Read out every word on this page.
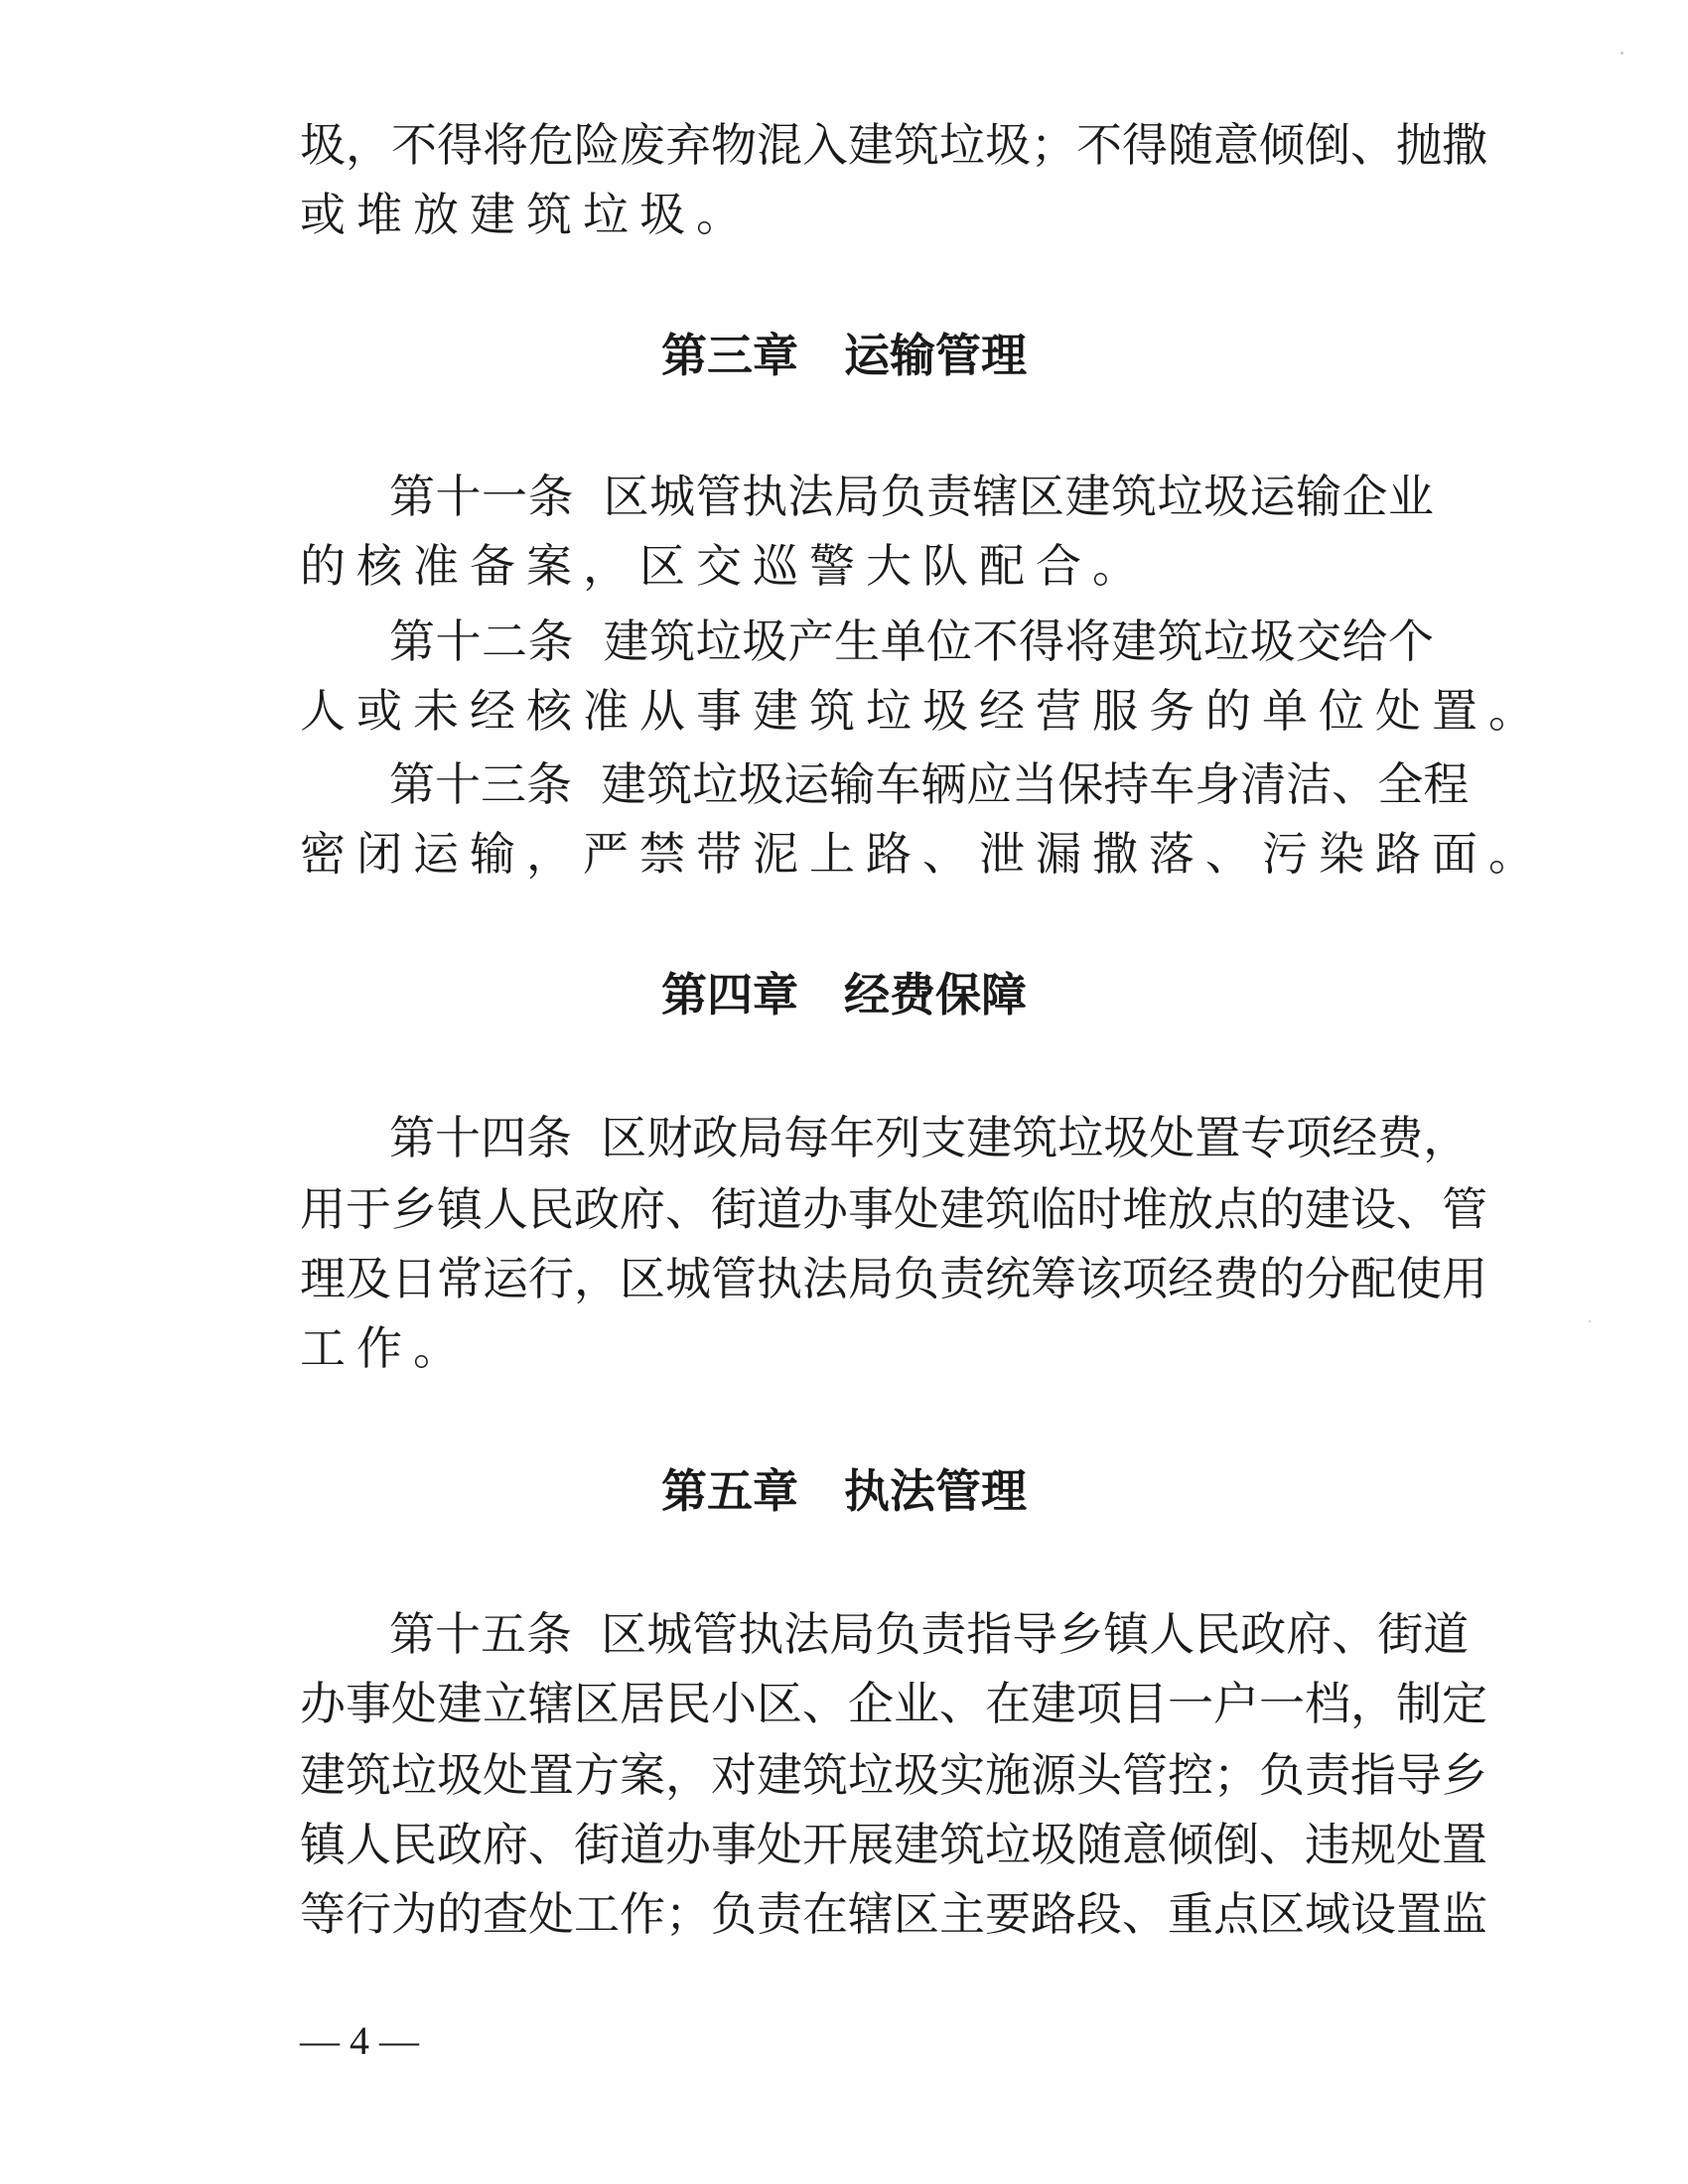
圾 ， 不 得 将 危 险 废 弃 物 混 入 建 筑 垃 圾 ； 不 得 随 意 倾 倒 、 抛 撒
或 堆 放 建 筑 垃 圾 。
第 十 一 条
区 城 管 执 法 局 负 责 辖 区 建 筑 垃 圾 运 输 企 业
的 核 准 备 案 ， 区 交 巡 警 大 队 配 合 。
第 十 二 条
建 筑 垃 圾 产 生 单 位 不 得 将 建 筑 垃 圾 交 给 个
人 或 未 经 核 准 从 事 建 筑 垃 圾 经 营 服 务 的 单 位 处 置 。
第 十 三 条
建 筑 垃 圾 运 输 车 辆 应 当 保 持 车 身 清 洁 、 全 程
密 闭 运 输 ， 严 禁 带 泥 上 路 、 泄 漏 撒 落 、 污 染 路 面 。
第 十 四 条
区 财 政 局 每 年 列 支 建 筑 垃 圾 处 置 专 项 经 费 ，
用 于 乡 镇 人 民 政 府 、 街 道 办 事 处 建 筑 临 时 堆 放 点 的 建 设 、 管
理 及 日 常 运 行 ， 区 城 管 执 法 局 负 责 统 筹 该 项 经 费 的 分 配 使 用
工 作 。
第 十 五 条
区 城 管 执 法 局 负 责 指 导 乡 镇 人 民 政 府 、 街 道
办 事 处 建 立 辖 区 居 民 小 区 、 企 业 、 在 建 项 目 一 户 一 档 ， 制 定
建 筑 垃 圾 处 置 方 案 ， 对 建 筑 垃 圾 实 施 源 头 管 控 ； 负 责 指 导 乡
镇 人 民 政 府 、 街 道 办 事 处 开 展 建 筑 垃 圾 随 意 倾 倒 、 违 规 处 置
等 行 为 的 查 处 工 作 ； 负 责 在 辖 区 主 要 路 段 、 重 点 区 域 设 置 监
— 4 —
第三章　运输管理
第四章　经费保障
第五章　执法管理
